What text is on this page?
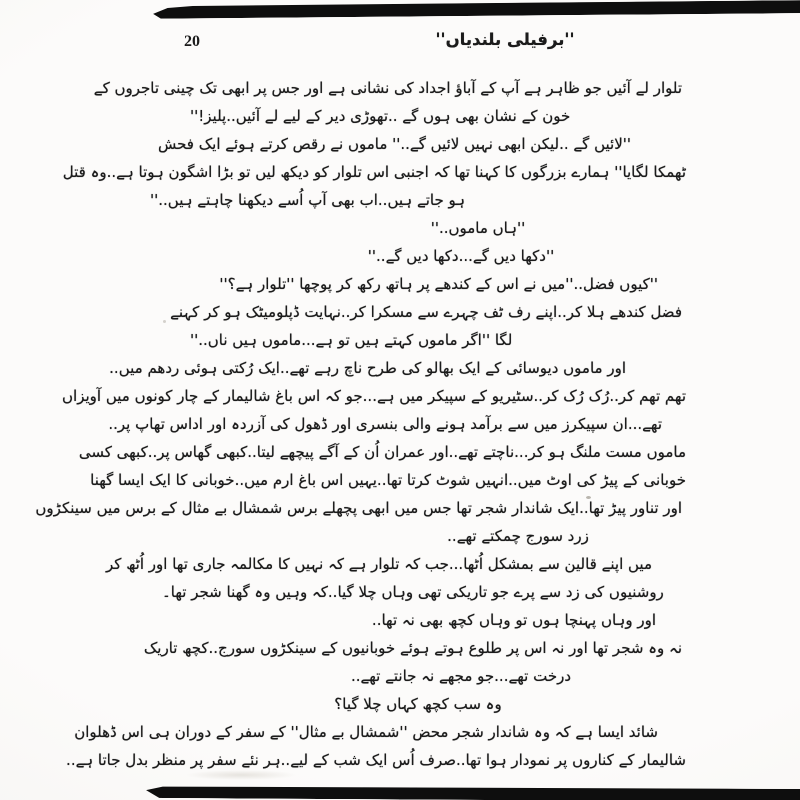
20	''برفیلی بلندیاں''
تلوار لے آئیں جو ظاہر ہے آپ کے آباؤ اجداد کی نشانی ہے اور جس پر ابھی تک چینی تاجروں کے
خون کے نشان بھی ہوں گے ..تھوڑی دیر کے لیے لے آئیں..پلیز!''
''لائیں گے ..لیکن ابھی نہیں لائیں گے..'' ماموں نے رقص کرتے ہوئے ایک فحش
ٹھمکا لگایا'' ہمارے بزرگوں کا کہنا تھا کہ اجنبی اس تلوار کو دیکھ لیں تو بڑا اشگون ہوتا ہے..وہ قتل
ہو جاتے ہیں..اب بھی آپ اُسے دیکھنا چاہتے ہیں..''
''ہاں ماموں..''
''دکھا دیں گے...دکھا دیں گے..''
''کیوں فضل..''میں نے اس کے کندھے پر ہاتھ رکھ کر پوچھا ''تلوار ہے؟''
فضل کندھے ہلا کر..اپنے رف ٹف چہرے سے مسکرا کر..نہایت ڈپلومیٹک ہو کر کہنے
لگا ''اگر ماموں کہتے ہیں تو ہے...ماموں ہیں ناں..''
اور ماموں دیوسائی کے ایک بھالو کی طرح ناچ رہے تھے..ایک رُکتی ہوئی ردھم میں..
تھم تھم کر..رُک رُک کر..سٹیریو کے سپیکر میں ہے...جو کہ اس باغ شالیمار کے چار کونوں میں آویزاں
تھے...ان سپیکرز میں سے برآمد ہونے والی بنسری اور ڈھول کی آزردہ اور اداس تھاپ پر..
ماموں مست ملنگ ہو کر...ناچتے تھے..اور عمران اُن کے آگے پیچھے لیتا..کبھی گھاس پر..کبھی کسی
خوبانی کے پیڑ کی اوٹ میں..انہیں شوٹ کرتا تھا..یہیں اس باغ ارم میں..خوبانی کا ایک ایسا گھنا
اور تناور پیڑ تھا..ایک شاندار شجر تھا جس میں ابھی پچھلے برس شمشال بے مثال کے برس میں سینکڑوں
زرد سورج چمکتے تھے..
میں اپنے قالین سے بمشکل اُٹھا...جب کہ تلوار ہے کہ نہیں کا مکالمہ جاری تھا اور اُٹھ کر
روشنیوں کی زد سے پرے جو تاریکی تھی وہاں چلا گیا..کہ وہیں وہ گھنا شجر تھا۔
اور وہاں پہنچا ہوں تو وہاں کچھ بھی نہ تھا..
نہ وہ شجر تھا اور نہ اس پر طلوع ہوتے ہوئے خوبانیوں کے سینکڑوں سورج..کچھ تاریک
درخت تھے...جو مجھے نہ جانتے تھے..
وہ سب کچھ کہاں چلا گیا؟
شائد ایسا ہے کہ وہ شاندار شجر محض ''شمشال بے مثال'' کے سفر کے دوران ہی اس ڈھلوان
شالیمار کے کناروں پر نمودار ہوا تھا..صرف اُس ایک شب کے لیے..ہر نئے سفر پر منظر بدل جاتا ہے..
